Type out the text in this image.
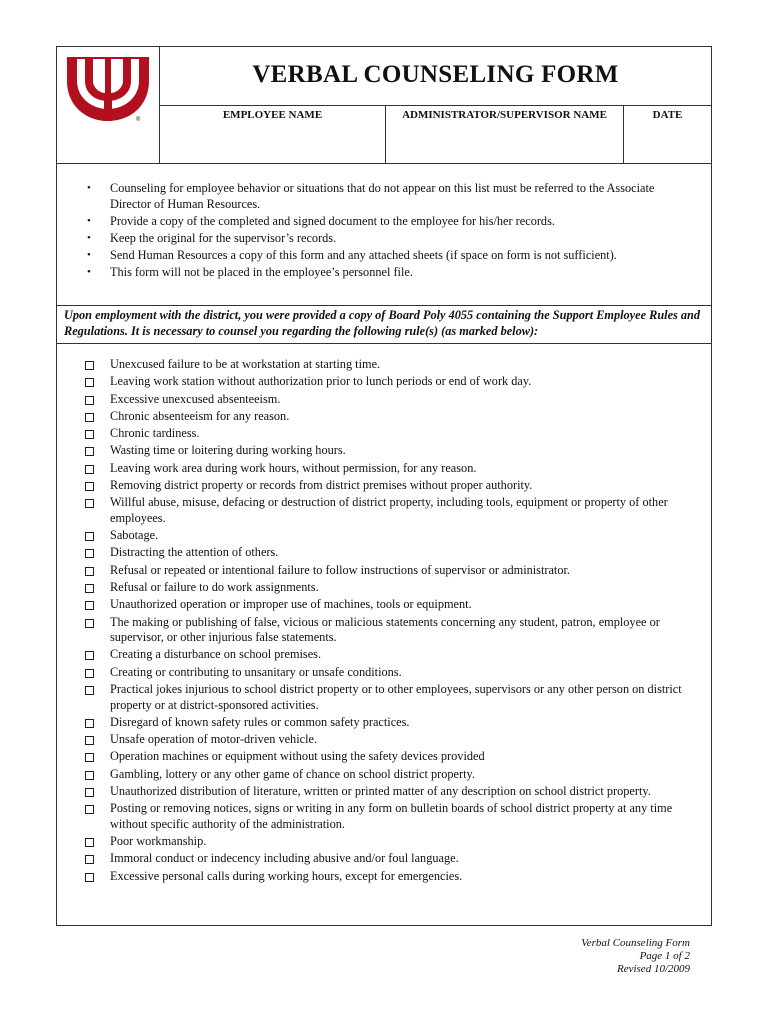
®
VERBAL COUNSELING FORM
EMPLOYEE NAME	ADMINISTRATOR/SUPERVISOR NAME	DATE
• Counseling for employee behavior or situations that do not appear on this list must be referred to the Associate Director of Human Resources.
• Provide a copy of the completed and signed document to the employee for his/her records.
• Keep the original for the supervisor’s records.
• Send Human Resources a copy of this form and any attached sheets (if space on form is not sufficient).
• This form will not be placed in the employee’s personnel file.

Upon employment with the district, you were provided a copy of Board Poly 4055 containing the Support Employee Rules and Regulations. It is necessary to counsel you regarding the following rule(s) (as marked below):

Unexcused failure to be at workstation at starting time.
Leaving work station without authorization prior to lunch periods or end of work day.
Excessive unexcused absenteeism.
Chronic absenteeism for any reason.
Chronic tardiness.
Wasting time or loitering during working hours.
Leaving work area during work hours, without permission, for any reason.
Removing district property or records from district premises without proper authority.
Willful abuse, misuse, defacing or destruction of district property, including tools, equipment or property of other employees.
Sabotage.
Distracting the attention of others.
Refusal or repeated or intentional failure to follow instructions of supervisor or administrator.
Refusal or failure to do work assignments.
Unauthorized operation or improper use of machines, tools or equipment.
The making or publishing of false, vicious or malicious statements concerning any student, patron, employee or supervisor, or other injurious false statements.
Creating a disturbance on school premises.
Creating or contributing to unsanitary or unsafe conditions.
Practical jokes injurious to school district property or to other employees, supervisors or any other person on district property or at district-sponsored activities.
Disregard of known safety rules or common safety practices.
Unsafe operation of motor-driven vehicle.
Operation machines or equipment without using the safety devices provided
Gambling, lottery or any other game of chance on school district property.
Unauthorized distribution of literature, written or printed matter of any description on school district property.
Posting or removing notices, signs or writing in any form on bulletin boards of school district property at any time without specific authority of the administration.
Poor workmanship.
Immoral conduct or indecency including abusive and/or foul language.
Excessive personal calls during working hours, except for emergencies.
Verbal Counseling Form
Page 1 of 2
Revised 10/2009
